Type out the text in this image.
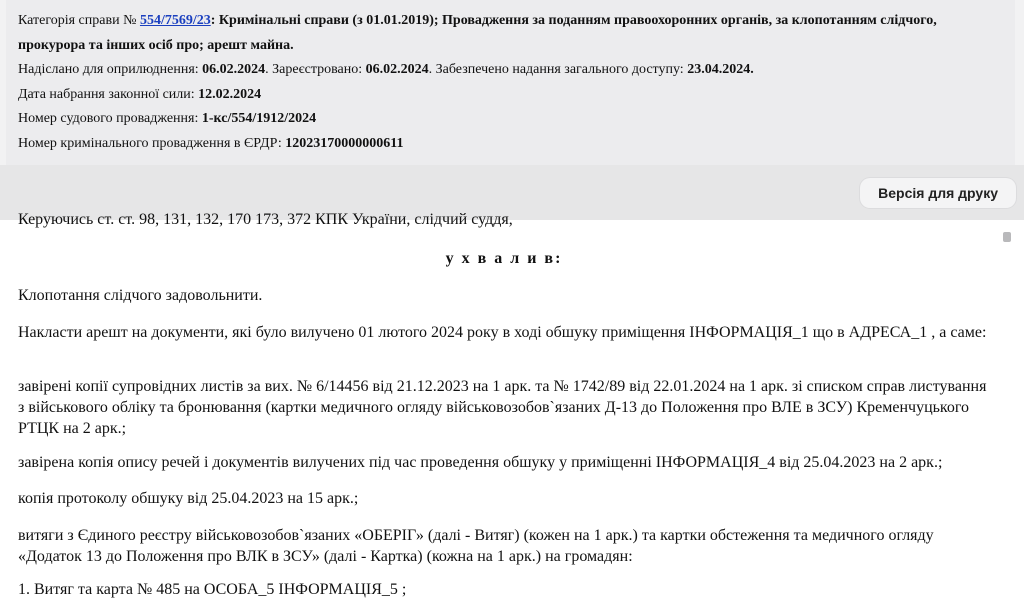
Категорія справи № 554/7569/23: Кримінальні справи (з 01.01.2019); Провадження за поданням правоохоронних органів, за клопотанням слідчого, прокурора та інших осіб про; арешт майна.
Надіслано для оприлюднення: 06.02.2024. Зареєстровано: 06.02.2024. Забезпечено надання загального доступу: 23.04.2024.
Дата набрання законної сили: 12.02.2024
Номер судового провадження: 1-кс/554/1912/2024
Номер кримінального провадження в ЄРДР: 12023170000000611
Версія для друку

Керуючись ст. ст. 98, 131, 132, 170 173, 372 КПК України, слідчий суддя,

у х в а л и в:

Клопотання слідчого задовольнити.

Накласти арешт на документи, які було вилучено 01 лютого 2024 року в ході обшуку приміщення ІНФОРМАЦІЯ_1 що в АДРЕСА_1 , а саме:

завірені копії супровідних листів за вих. № 6/14456 від 21.12.2023 на 1 арк. та № 1742/89 від 22.01.2024 на 1 арк. зі списком справ листування з військового обліку та бронювання (картки медичного огляду військовозобов`язаних Д-13 до Положення про ВЛЕ в ЗСУ) Кременчуцького РТЦК на 2 арк.;

завірена копія опису речей і документів вилучених під час проведення обшуку у приміщенні ІНФОРМАЦІЯ_4 від 25.04.2023 на 2 арк.;

копія протоколу обшуку від 25.04.2023 на 15 арк.;

витяги з Єдиного реєстру військовозобов`язаних «ОБЕРІГ» (далі - Витяг) (кожен на 1 арк.) та картки обстеження та медичного огляду «Додаток 13 до Положення про ВЛК в ЗСУ» (далі - Картка) (кожна на 1 арк.) на громадян:

1. Витяг та карта № 485 на ОСОБА_5 ІНФОРМАЦІЯ_5 ;
